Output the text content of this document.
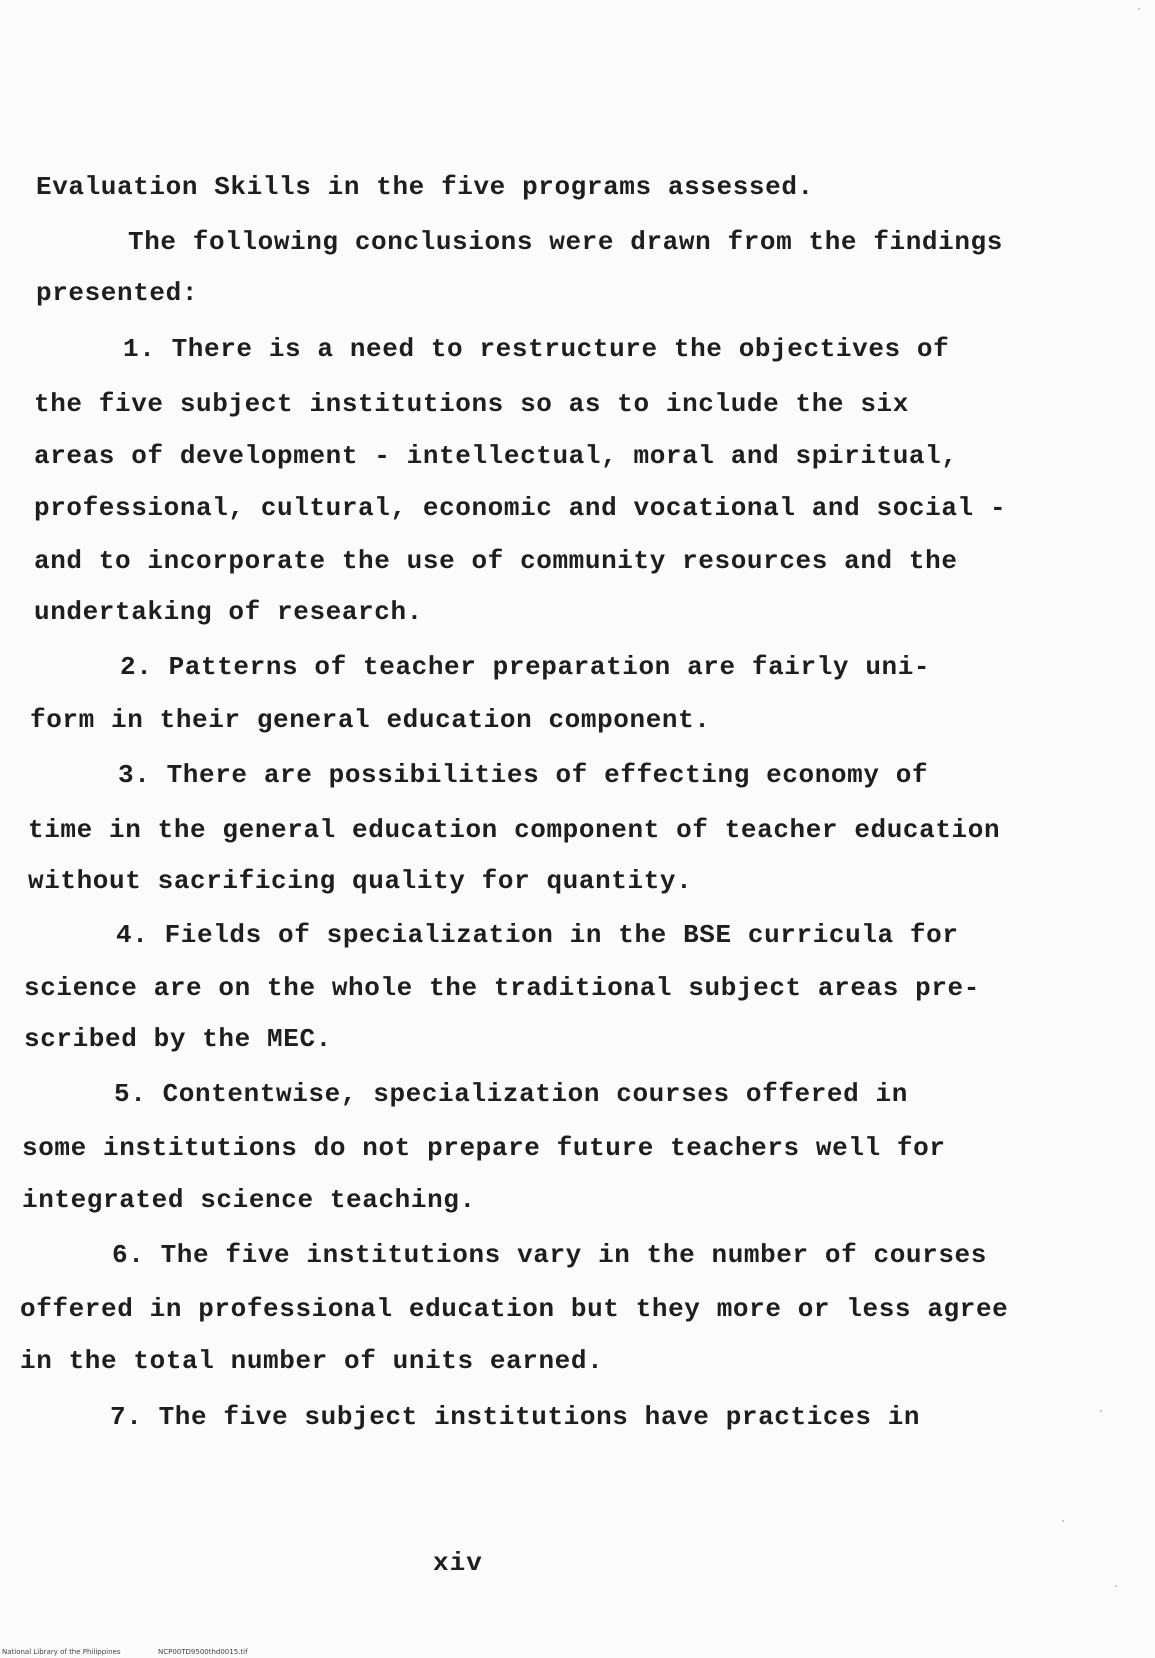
Evaluation Skills in the five programs assessed.
The following conclusions were drawn from the findings
presented:
1. There is a need to restructure the objectives of
the five subject institutions so as to include the six
areas of development - intellectual, moral and spiritual,
professional, cultural, economic and vocational and social -
and to incorporate the use of community resources and the
undertaking of research.
2. Patterns of teacher preparation are fairly uni-
form in their general education component.
3. There are possibilities of effecting economy of
time in the general education component of teacher education
without sacrificing quality for quantity.
4. Fields of specialization in the BSE curricula for
science are on the whole the traditional subject areas pre-
scribed by the MEC.
5. Contentwise, specialization courses offered in
some institutions do not prepare future teachers well for
integrated science teaching.
6. The five institutions vary in the number of courses
offered in professional education but they more or less agree
in the total number of units earned.
7. The five subject institutions have practices in
xiv
National Library of the Philippines	NCP00TD9500thd0015.tif
